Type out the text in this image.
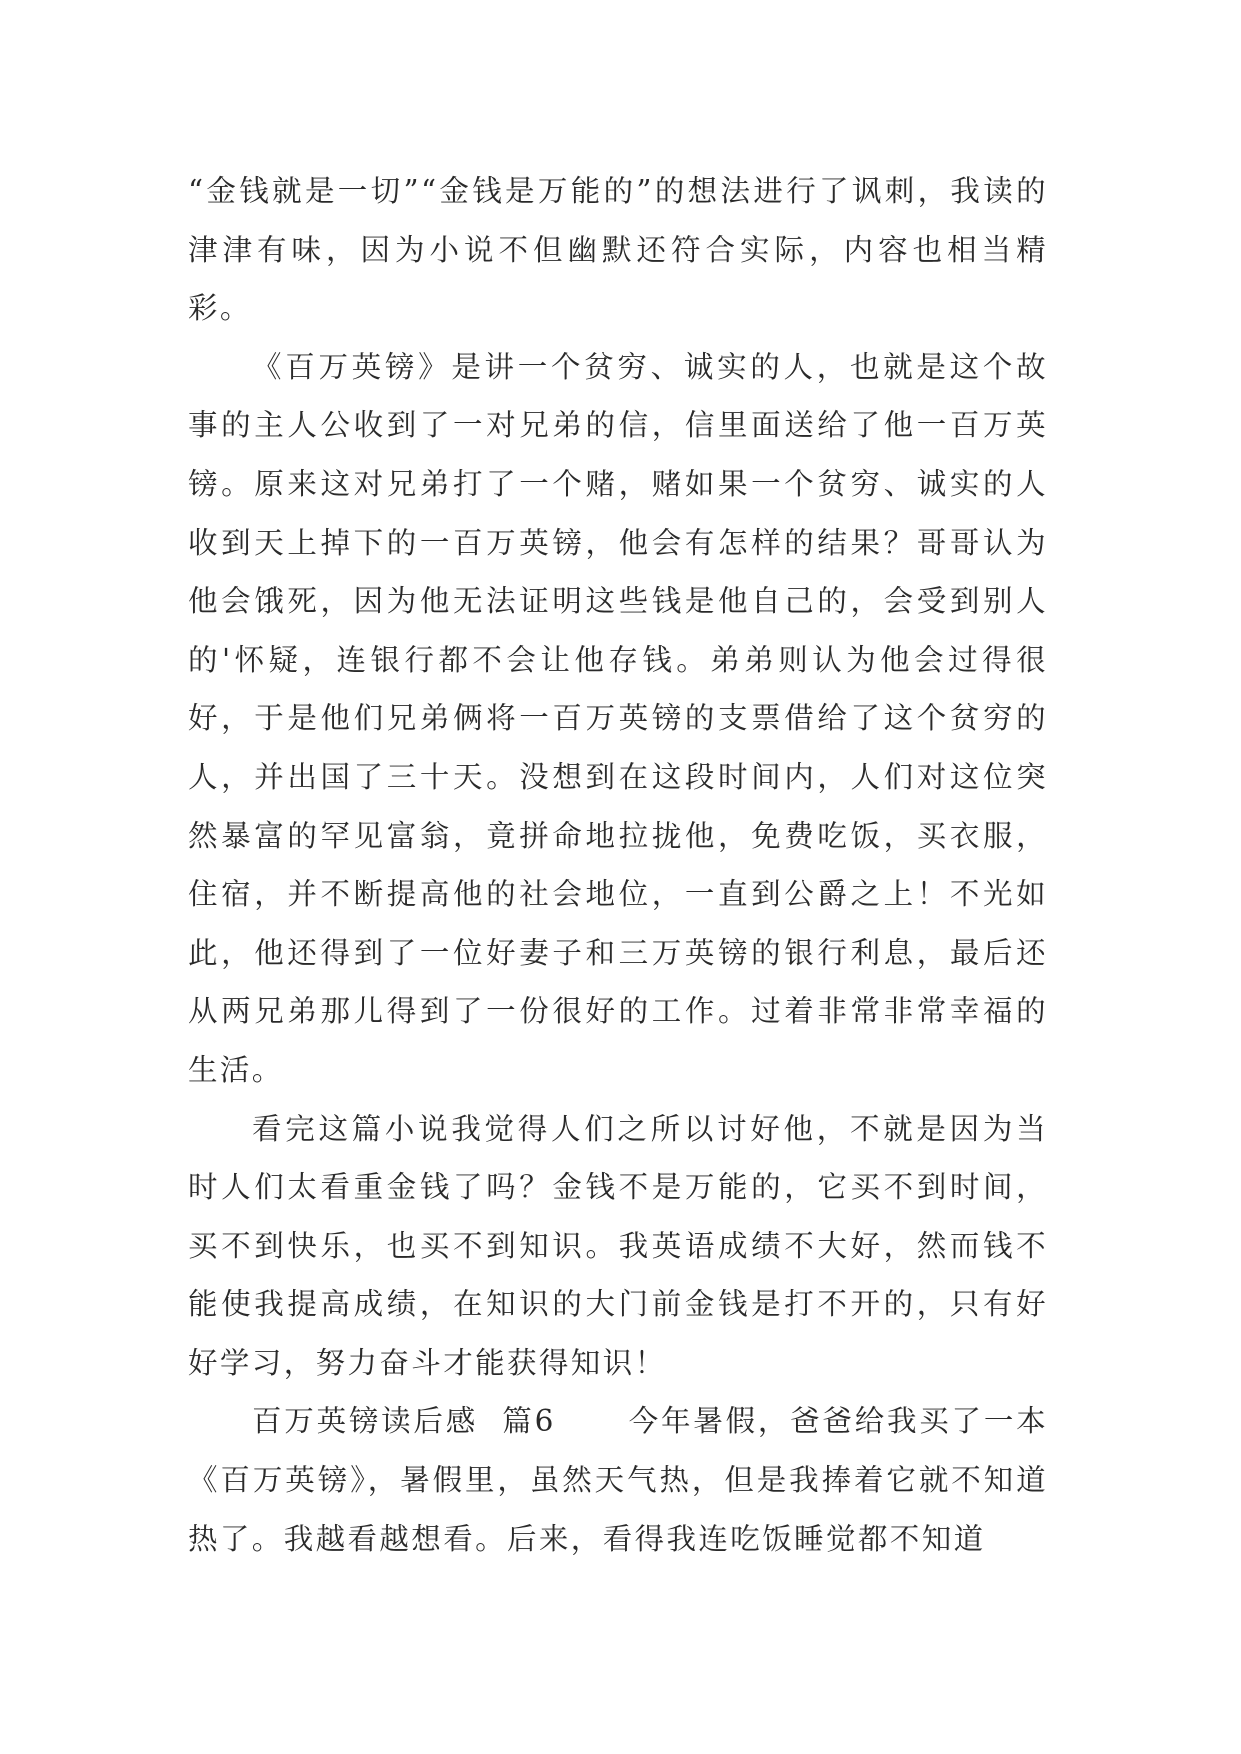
“金钱就是一切”“金钱是万能的”的想法进行了讽刺，我读的津津有味，因为小说不但幽默还符合实际，内容也相当精彩。

《百万英镑》是讲一个贫穷、诚实的人，也就是这个故事的主人公收到了一对兄弟的信，信里面送给了他一百万英镑。原来这对兄弟打了一个赌，赌如果一个贫穷、诚实的人收到天上掉下的一百万英镑，他会有怎样的结果？哥哥认为他会饿死，因为他无法证明这些钱是他自己的，会受到别人的'怀疑，连银行都不会让他存钱。弟弟则认为他会过得很好，于是他们兄弟俩将一百万英镑的支票借给了这个贫穷的人，并出国了三十天。没想到在这段时间内，人们对这位突然暴富的罕见富翁，竟拼命地拉拢他，免费吃饭，买衣服，住宿，并不断提高他的社会地位，一直到公爵之上！不光如此，他还得到了一位好妻子和三万英镑的银行利息，最后还从两兄弟那儿得到了一份很好的工作。过着非常非常幸福的生活。

看完这篇小说我觉得人们之所以讨好他，不就是因为当时人们太看重金钱了吗？金钱不是万能的，它买不到时间，买不到快乐，也买不到知识。我英语成绩不大好，然而钱不能使我提高成绩，在知识的大门前金钱是打不开的，只有好好学习，努力奋斗才能获得知识！

百万英镑读后感  篇6 今年暑假，爸爸给我买了一本《百万英镑》，暑假里，虽然天气热，但是我捧着它就不知道热了。我越看越想看。后来，看得我连吃饭睡觉都不知道
